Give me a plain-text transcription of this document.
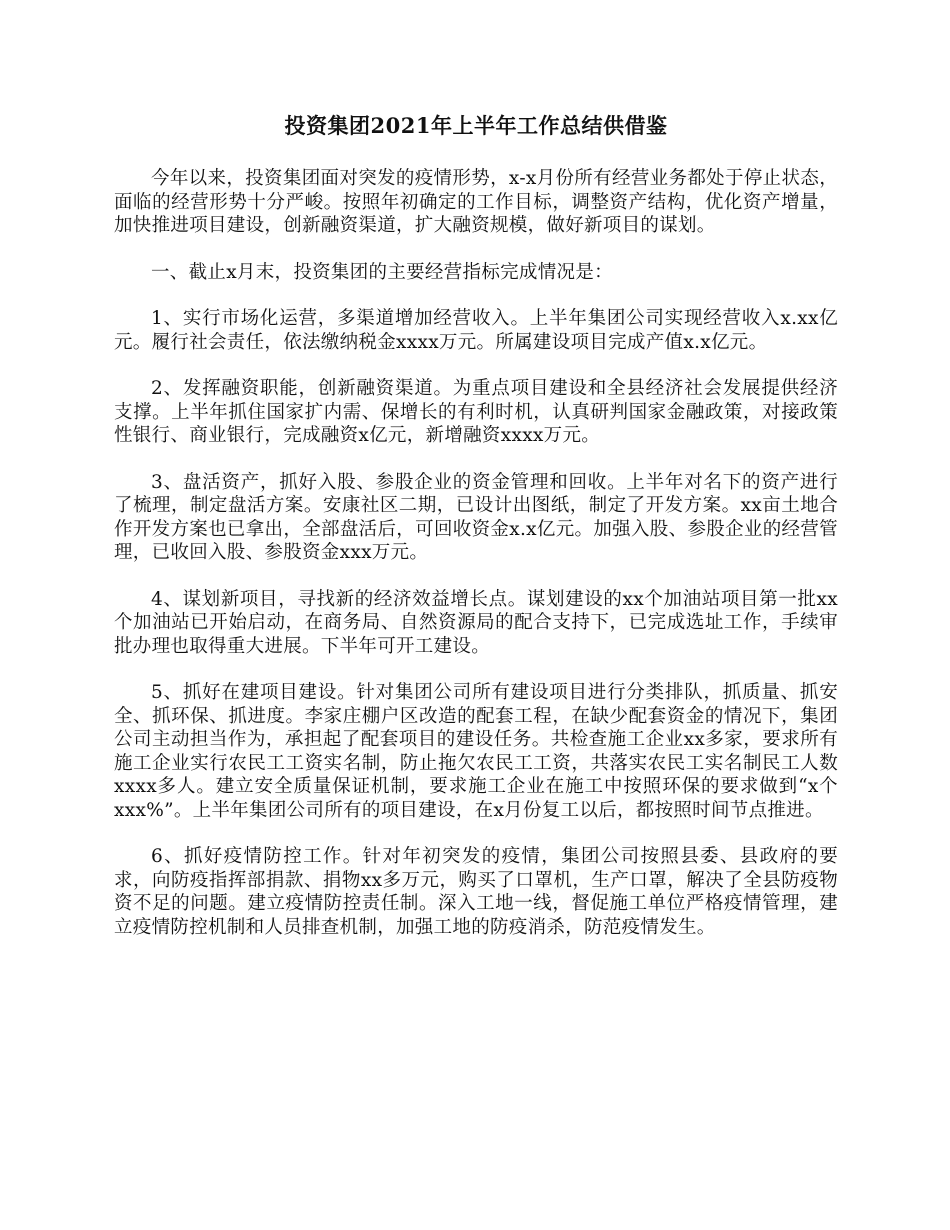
投资集团2021年上半年工作总结供借鉴

今年以来，投资集团面对突发的疫情形势，x-x月份所有经营业务都处于停止状态，面临的经营形势十分严峻。按照年初确定的工作目标，调整资产结构，优化资产增量，加快推进项目建设，创新融资渠道，扩大融资规模，做好新项目的谋划。

一、截止x月末，投资集团的主要经营指标完成情况是：

1、实行市场化运营，多渠道增加经营收入。上半年集团公司实现经营收入x.xx亿元。履行社会责任，依法缴纳税金xxxx万元。所属建设项目完成产值x.x亿元。

2、发挥融资职能，创新融资渠道。为重点项目建设和全县经济社会发展提供经济支撑。上半年抓住国家扩内需、保增长的有利时机，认真研判国家金融政策，对接政策性银行、商业银行，完成融资x亿元，新增融资xxxx万元。

3、盘活资产，抓好入股、参股企业的资金管理和回收。上半年对名下的资产进行了梳理，制定盘活方案。安康社区二期，已设计出图纸，制定了开发方案。xx亩土地合作开发方案也已拿出，全部盘活后，可回收资金x.x亿元。加强入股、参股企业的经营管理，已收回入股、参股资金xxx万元。

4、谋划新项目，寻找新的经济效益增长点。谋划建设的xx个加油站项目第一批xx个加油站已开始启动，在商务局、自然资源局的配合支持下，已完成选址工作，手续审批办理也取得重大进展。下半年可开工建设。

5、抓好在建项目建设。针对集团公司所有建设项目进行分类排队，抓质量、抓安全、抓环保、抓进度。李家庄棚户区改造的配套工程，在缺少配套资金的情况下，集团公司主动担当作为，承担起了配套项目的建设任务。共检查施工企业xx多家，要求所有施工企业实行农民工工资实名制，防止拖欠农民工工资，共落实农民工实名制民工人数xxxx多人。建立安全质量保证机制，要求施工企业在施工中按照环保的要求做到“x个xxx%”。上半年集团公司所有的项目建设，在x月份复工以后，都按照时间节点推进。

6、抓好疫情防控工作。针对年初突发的疫情，集团公司按照县委、县政府的要求，向防疫指挥部捐款、捐物xx多万元，购买了口罩机，生产口罩，解决了全县防疫物资不足的问题。建立疫情防控责任制。深入工地一线，督促施工单位严格疫情管理，建立疫情防控机制和人员排查机制，加强工地的防疫消杀，防范疫情发生。
